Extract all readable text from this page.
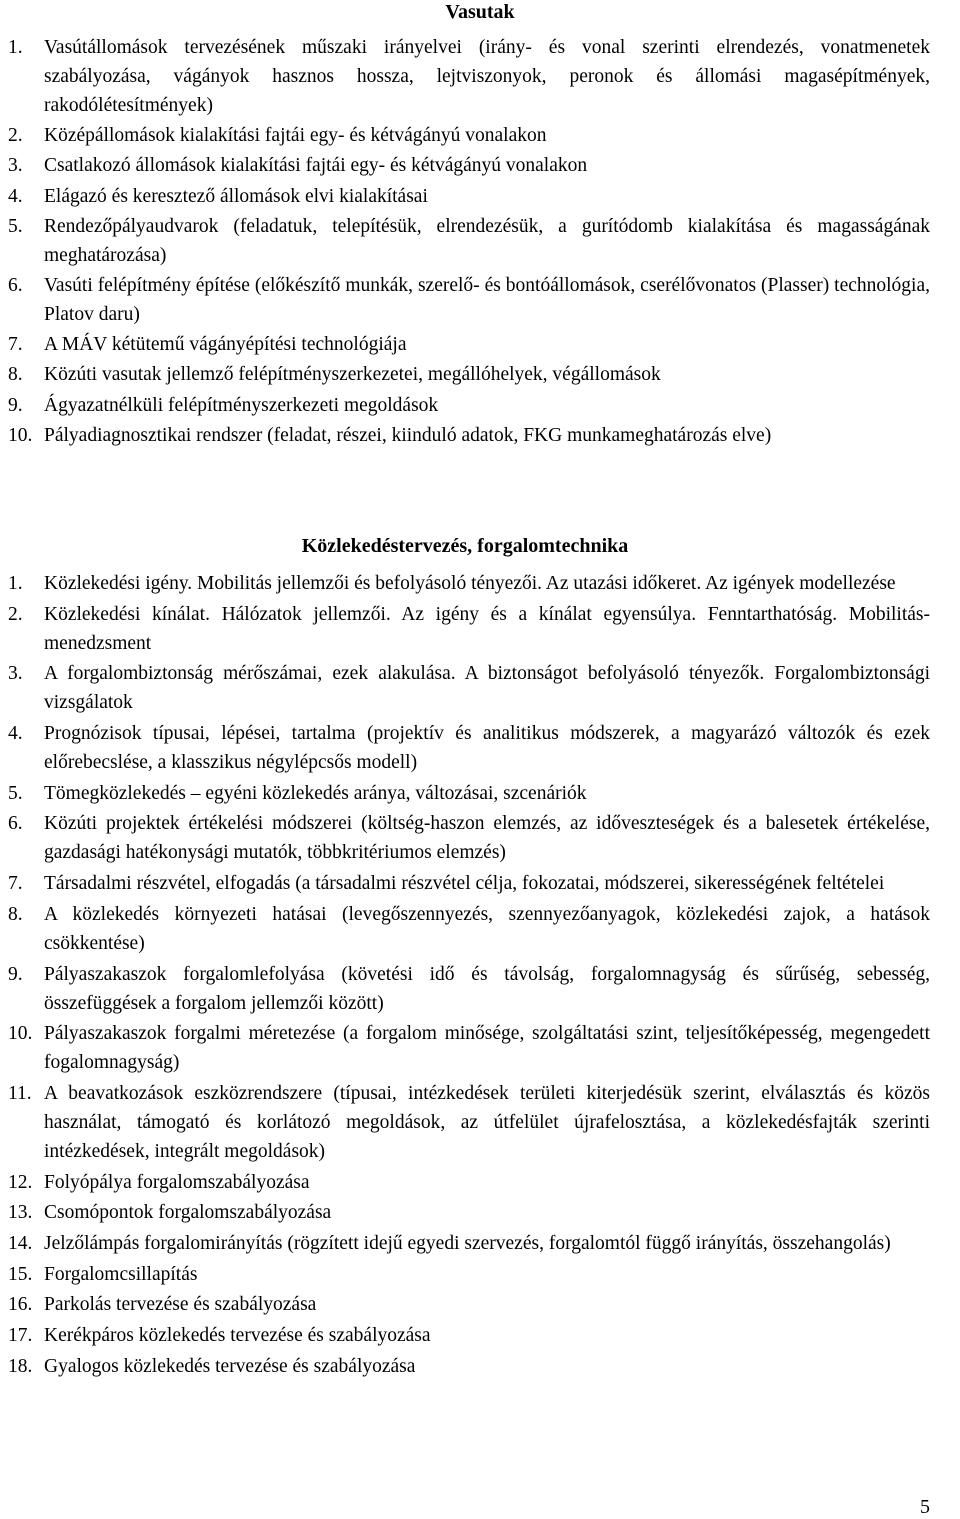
Vasutak
1. Vasútállomások tervezésének műszaki irányelvei (irány- és vonal szerinti elrendezés, vonatmenetek szabályozása, vágányok hasznos hossza, lejtviszonyok, peronok és állomási magasépítmények, rakodólétesítmények)
2. Középállomások kialakítási fajtái egy- és kétvágányú vonalakon
3. Csatlakozó állomások kialakítási fajtái egy- és kétvágányú vonalakon
4. Elágazó és keresztező állomások elvi kialakításai
5. Rendezőpályaudvarok (feladatuk, telepítésük, elrendezésük, a gurítódomb kialakítása és magasságának meghatározása)
6. Vasúti felépítmény építése (előkészítő munkák, szerelő- és bontóállomások, cserélővonatos (Plasser) technológia, Platov daru)
7. A MÁV kétütemű vágányépítési technológiája
8. Közúti vasutak jellemző felépítményszerkezetei, megállóhelyek, végállomások
9. Ágyazatnélküli felépítményszerkezeti megoldások
10. Pályadiagnosztikai rendszer (feladat, részei, kiinduló adatok, FKG munkameghatározás elve)
Közlekedéstervezés, forgalomtechnika
1. Közlekedési igény. Mobilitás jellemzői és befolyásoló tényezői. Az utazási időkeret. Az igények modellezése
2. Közlekedési kínálat. Hálózatok jellemzői. Az igény és a kínálat egyensúlya. Fenntarthatóság. Mobilitás-menedzsment
3. A forgalombiztonság mérőszámai, ezek alakulása. A biztonságot befolyásoló tényezők. Forgalombiztonsági vizsgálatok
4. Prognózisok típusai, lépései, tartalma (projektív és analitikus módszerek, a magyarázó változók és ezek előrebecslése, a klasszikus négylépcsős modell)
5. Tömegközlekedés – egyéni közlekedés aránya, változásai, szcenáriók
6. Közúti projektek értékelési módszerei (költség-haszon elemzés, az időveszteségek és a balesetek értékelése, gazdasági hatékonysági mutatók, többkritériumos elemzés)
7. Társadalmi részvétel, elfogadás (a társadalmi részvétel célja, fokozatai, módszerei, sikerességének feltételei
8. A közlekedés környezeti hatásai (levegőszennyezés, szennyezőanyagok, közlekedési zajok, a hatások csökkentése)
9. Pályaszakaszok forgalomlefolyása (követési idő és távolság, forgalomnagyság és sűrűség, sebesség, összefüggések a forgalom jellemzői között)
10. Pályaszakaszok forgalmi méretezése (a forgalom minősége, szolgáltatási szint, teljesítőképesség, megengedett fogalomnagyság)
11. A beavatkozások eszközrendszere (típusai, intézkedések területi kiterjedésük szerint, elválasztás és közös használat, támogató és korlátozó megoldások, az útfelület újrafelosztása, a közlekedésfajták szerinti intézkedések, integrált megoldások)
12. Folyópálya forgalomszabályozása
13. Csomópontok forgalomszabályozása
14. Jelzőlámpás forgalomirányítás (rögzített idejű egyedi szervezés, forgalomtól függő irányítás, összehangolás)
15. Forgalomcsillapítás
16. Parkolás tervezése és szabályozása
17. Kerékpáros közlekedés tervezése és szabályozása
18. Gyalogos közlekedés tervezése és szabályozása
5
